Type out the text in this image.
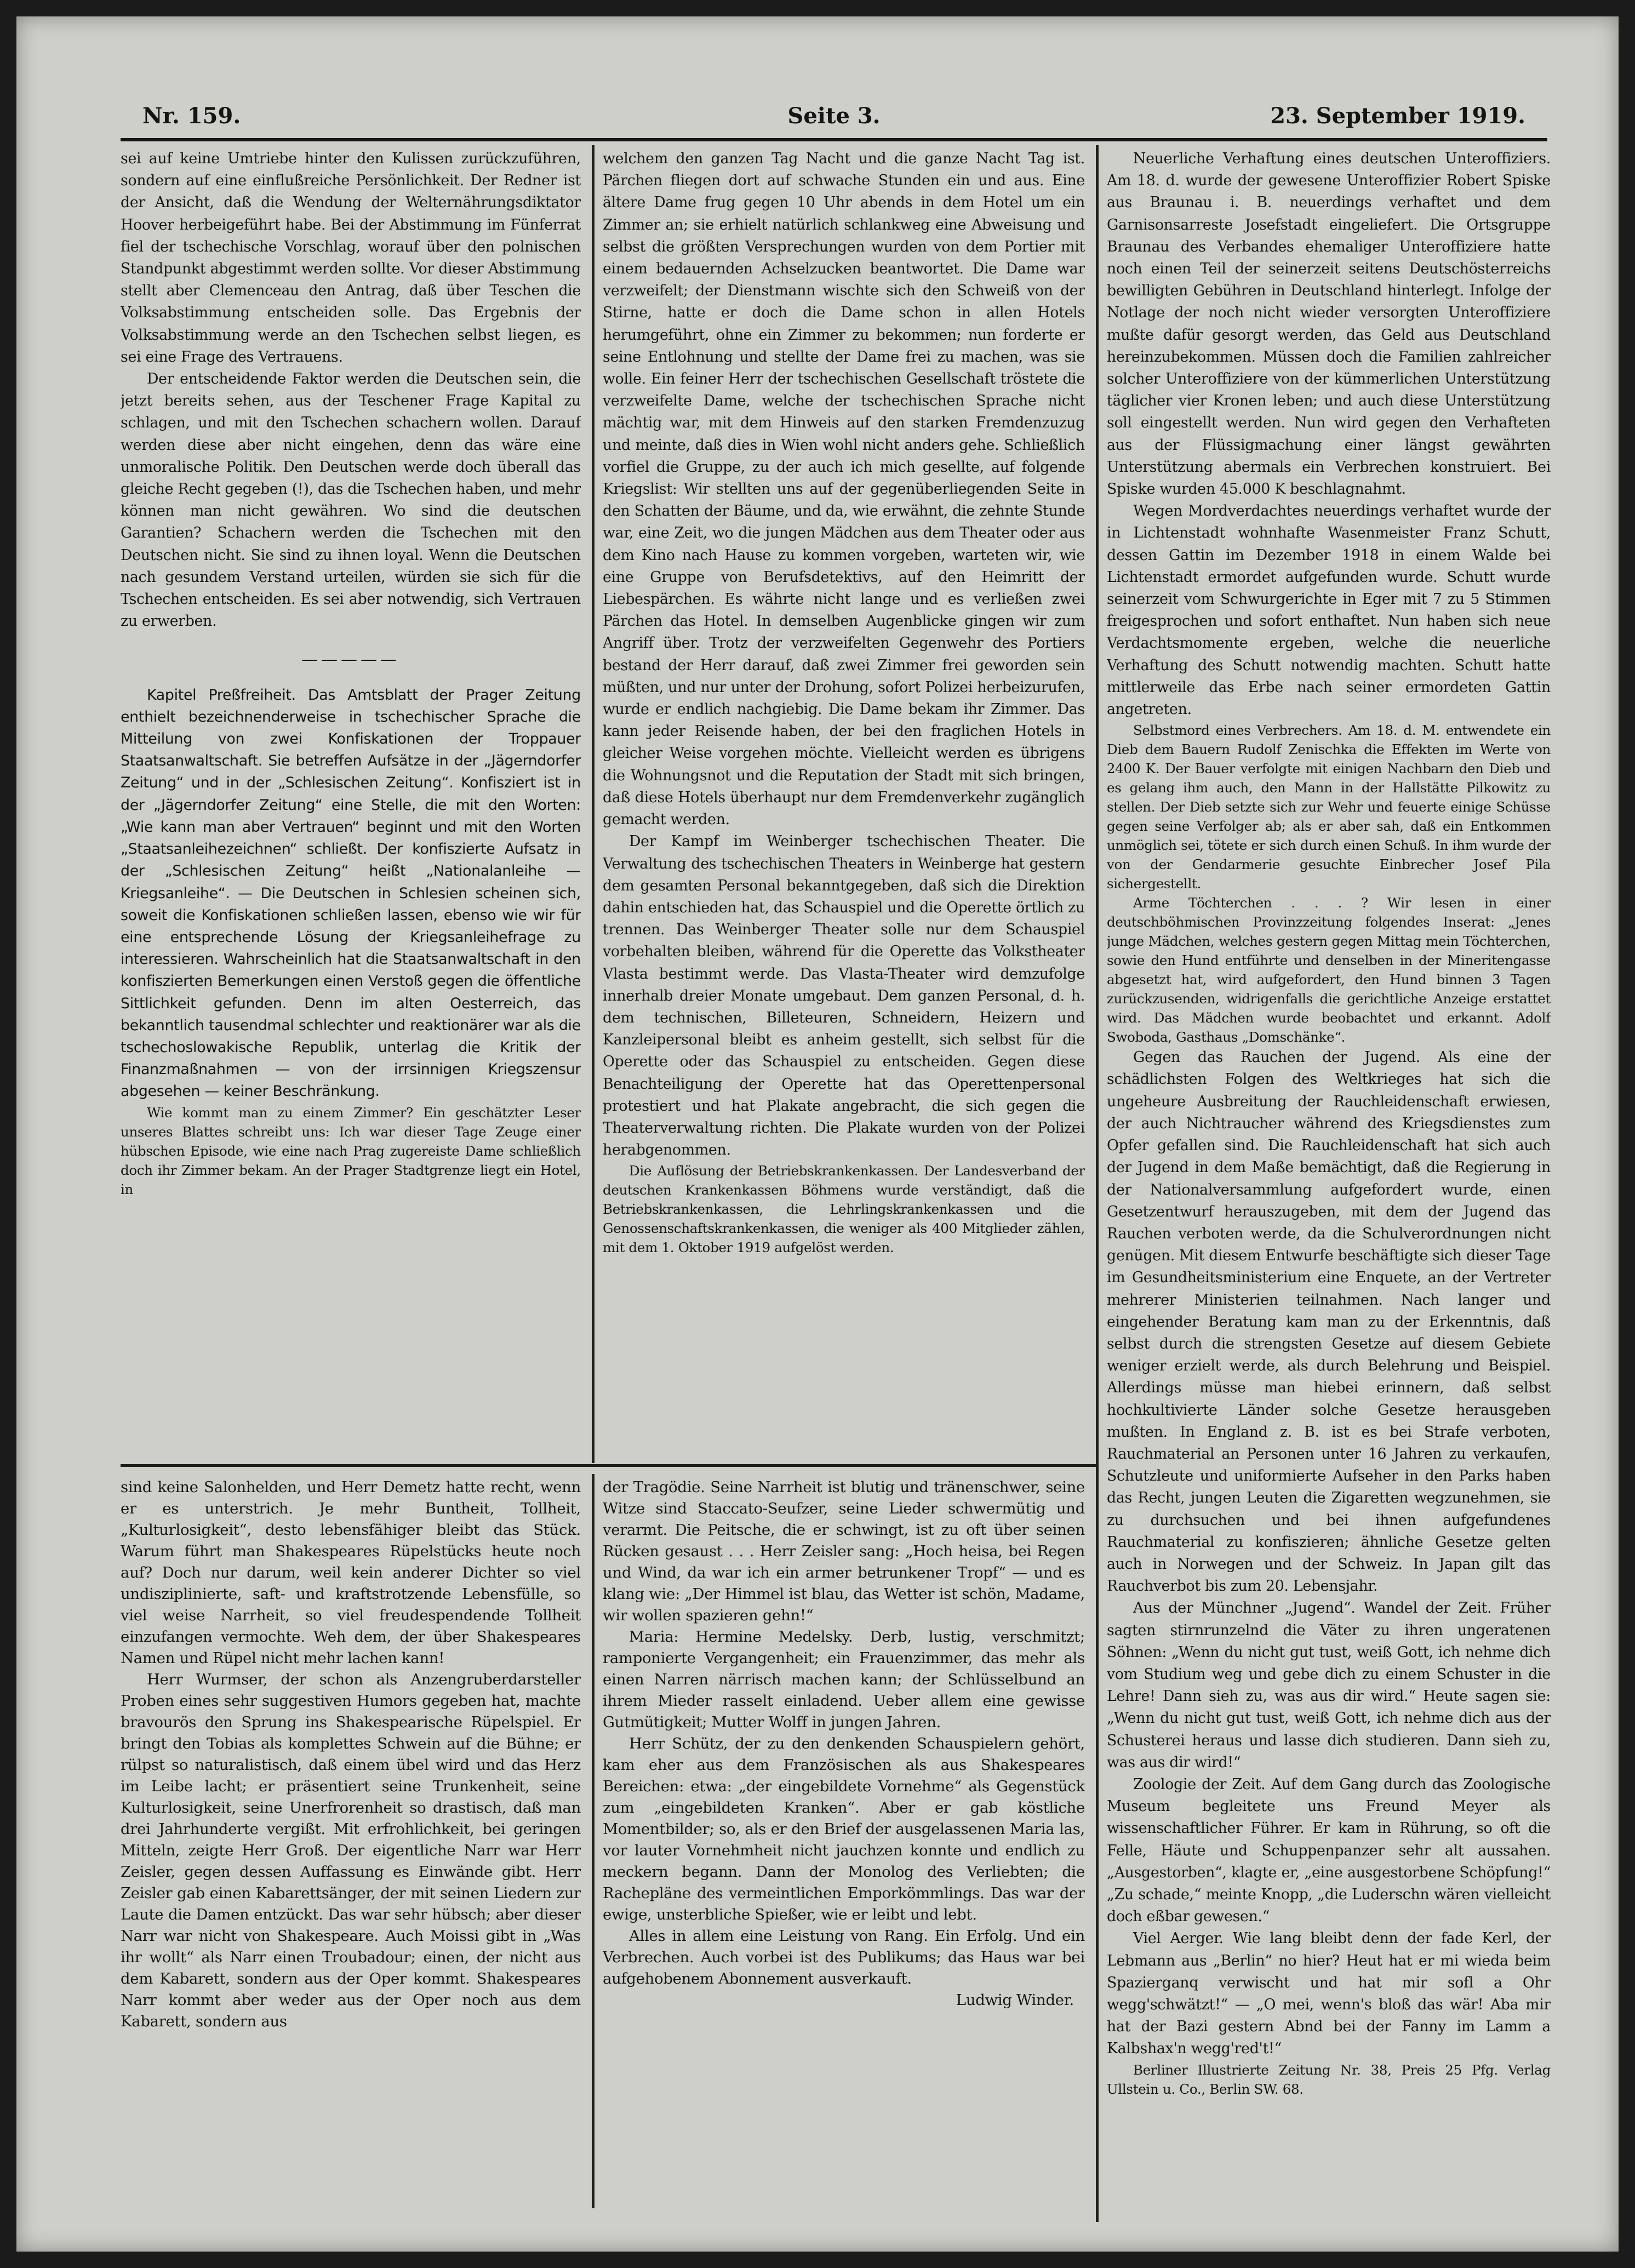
Nr. 159.	Seite 3.	23. September 1919.

sei auf keine Umtriebe hinter den Kulissen zurückzuführen, sondern auf eine einflußreiche Persönlichkeit. Der Redner ist der Ansicht, daß die Wendung der Welternährungsdiktator Hoover herbeigeführt habe. Bei der Abstimmung im Fünferrat fiel der tschechische Vorschlag, worauf über den polnischen Standpunkt abgestimmt werden sollte. Vor dieser Abstimmung stellt aber Clemenceau den Antrag, daß über Teschen die Volksabstimmung entscheiden solle. Das Ergebnis der Volksabstimmung werde an den Tschechen selbst liegen, es sei eine Frage des Vertrauens.

Der entscheidende Faktor werden die Deutschen sein, die jetzt bereits sehen, aus der Teschener Frage Kapital zu schlagen, und mit den Tschechen schachern wollen. Darauf werden diese aber nicht eingehen, denn das wäre eine unmoralische Politik. Den Deutschen werde doch überall das gleiche Recht gegeben (!), das die Tschechen haben, und mehr können man nicht gewähren. Wo sind die deutschen Garantien? Schachern werden die Tschechen mit den Deutschen nicht. Sie sind zu ihnen loyal. Wenn die Deutschen nach gesundem Verstand urteilen, würden sie sich für die Tschechen entscheiden. Es sei aber notwendig, sich Vertrauen zu erwerben.

—————

Kapitel Preßfreiheit. Das Amtsblatt der Prager Zeitung enthielt bezeichnenderweise in tschechischer Sprache die Mitteilung von zwei Konfiskationen der Troppauer Staatsanwaltschaft. Sie betreffen Aufsätze in der „Jägerndorfer Zeitung“ und in der „Schlesischen Zeitung“. Konfisziert ist in der „Jägerndorfer Zeitung“ eine Stelle, die mit den Worten: „Wie kann man aber Vertrauen“ beginnt und mit den Worten „Staatsanleihezeichnen“ schließt. Der konfiszierte Aufsatz in der „Schlesischen Zeitung“ heißt „Nationalanleihe — Kriegsanleihe“. — Die Deutschen in Schlesien scheinen sich, soweit die Konfiskationen schließen lassen, ebenso wie wir für eine entsprechende Lösung der Kriegsanleihefrage zu interessieren. Wahrscheinlich hat die Staatsanwaltschaft in den konfiszierten Bemerkungen einen Verstoß gegen die öffentliche Sittlichkeit gefunden. Denn im alten Oesterreich, das bekanntlich tausendmal schlechter und reaktionärer war als die tschechoslowakische Republik, unterlag die Kritik der Finanzmaßnahmen — von der irrsinnigen Kriegszensur abgesehen — keiner Beschränkung.

Wie kommt man zu einem Zimmer? Ein geschätzter Leser unseres Blattes schreibt uns: Ich war dieser Tage Zeuge einer hübschen Episode, wie eine nach Prag zugereiste Dame schließlich doch ihr Zimmer bekam. An der Prager Stadtgrenze liegt ein Hotel, in

welchem den ganzen Tag Nacht und die ganze Nacht Tag ist. Pärchen fliegen dort auf schwache Stunden ein und aus. Eine ältere Dame frug gegen 10 Uhr abends in dem Hotel um ein Zimmer an; sie erhielt natürlich schlankweg eine Abweisung und selbst die größten Versprechungen wurden von dem Portier mit einem bedauernden Achselzucken beantwortet. Die Dame war verzweifelt; der Dienstmann wischte sich den Schweiß von der Stirne, hatte er doch die Dame schon in allen Hotels herumgeführt, ohne ein Zimmer zu bekommen; nun forderte er seine Entlohnung und stellte der Dame frei zu machen, was sie wolle. Ein feiner Herr der tschechischen Gesellschaft tröstete die verzweifelte Dame, welche der tschechischen Sprache nicht mächtig war, mit dem Hinweis auf den starken Fremdenzuzug und meinte, daß dies in Wien wohl nicht anders gehe. Schließlich vorfiel die Gruppe, zu der auch ich mich gesellte, auf folgende Kriegslist: Wir stellten uns auf der gegenüberliegenden Seite in den Schatten der Bäume, und da, wie erwähnt, die zehnte Stunde war, eine Zeit, wo die jungen Mädchen aus dem Theater oder aus dem Kino nach Hause zu kommen vorgeben, warteten wir, wie eine Gruppe von Berufsdetektivs, auf den Heimritt der Liebespärchen. Es währte nicht lange und es verließen zwei Pärchen das Hotel. In demselben Augenblicke gingen wir zum Angriff über. Trotz der verzweifelten Gegenwehr des Portiers bestand der Herr darauf, daß zwei Zimmer frei geworden sein müßten, und nur unter der Drohung, sofort Polizei herbeizurufen, wurde er endlich nachgiebig. Die Dame bekam ihr Zimmer. Das kann jeder Reisende haben, der bei den fraglichen Hotels in gleicher Weise vorgehen möchte. Vielleicht werden es übrigens die Wohnungsnot und die Reputation der Stadt mit sich bringen, daß diese Hotels überhaupt nur dem Fremdenverkehr zugänglich gemacht werden.

Der Kampf im Weinberger tschechischen Theater. Die Verwaltung des tschechischen Theaters in Weinberge hat gestern dem gesamten Personal bekanntgegeben, daß sich die Direktion dahin entschieden hat, das Schauspiel und die Operette örtlich zu trennen. Das Weinberger Theater solle nur dem Schauspiel vorbehalten bleiben, während für die Operette das Volkstheater Vlasta bestimmt werde. Das Vlasta-Theater wird demzufolge innerhalb dreier Monate umgebaut. Dem ganzen Personal, d. h. dem technischen, Billeteuren, Schneidern, Heizern und Kanzleipersonal bleibt es anheim gestellt, sich selbst für die Operette oder das Schauspiel zu entscheiden. Gegen diese Benachteiligung der Operette hat das Operettenpersonal protestiert und hat Plakate angebracht, die sich gegen die Theaterverwaltung richten. Die Plakate wurden von der Polizei herabgenommen.

Die Auflösung der Betriebskrankenkassen. Der Landesverband der deutschen Krankenkassen Böhmens wurde verständigt, daß die Betriebskrankenkassen, die Lehrlingskrankenkassen und die Genossenschaftskrankenkassen, die weniger als 400 Mitglieder zählen, mit dem 1. Oktober 1919 aufgelöst werden.

Neuerliche Verhaftung eines deutschen Unteroffiziers. Am 18. d. wurde der gewesene Unteroffizier Robert Spiske aus Braunau i. B. neuerdings verhaftet und dem Garnisonsarreste Josefstadt eingeliefert. Die Ortsgruppe Braunau des Verbandes ehemaliger Unteroffiziere hatte noch einen Teil der seinerzeit seitens Deutschösterreichs bewilligten Gebühren in Deutschland hinterlegt. Infolge der Notlage der noch nicht wieder versorgten Unteroffiziere mußte dafür gesorgt werden, das Geld aus Deutschland hereinzubekommen. Müssen doch die Familien zahlreicher solcher Unteroffiziere von der kümmerlichen Unterstützung täglicher vier Kronen leben; und auch diese Unterstützung soll eingestellt werden. Nun wird gegen den Verhafteten aus der Flüssigmachung einer längst gewährten Unterstützung abermals ein Verbrechen konstruiert. Bei Spiske wurden 45.000 K beschlagnahmt.

Wegen Mordverdachtes neuerdings verhaftet wurde der in Lichtenstadt wohnhafte Wasenmeister Franz Schutt, dessen Gattin im Dezember 1918 in einem Walde bei Lichtenstadt ermordet aufgefunden wurde. Schutt wurde seinerzeit vom Schwurgerichte in Eger mit 7 zu 5 Stimmen freigesprochen und sofort enthaftet. Nun haben sich neue Verdachtsmomente ergeben, welche die neuerliche Verhaftung des Schutt notwendig machten. Schutt hatte mittlerweile das Erbe nach seiner ermordeten Gattin angetreten.

Selbstmord eines Verbrechers. Am 18. d. M. entwendete ein Dieb dem Bauern Rudolf Zenischka die Effekten im Werte von 2400 K. Der Bauer verfolgte mit einigen Nachbarn den Dieb und es gelang ihm auch, den Mann in der Hallstätte Pilkowitz zu stellen. Der Dieb setzte sich zur Wehr und feuerte einige Schüsse gegen seine Verfolger ab; als er aber sah, daß ein Entkommen unmöglich sei, tötete er sich durch einen Schuß. In ihm wurde der von der Gendarmerie gesuchte Einbrecher Josef Pila sichergestellt.

Arme Töchterchen . . . ? Wir lesen in einer deutschböhmischen Provinzzeitung folgendes Inserat: „Jenes junge Mädchen, welches gestern gegen Mittag mein Töchterchen, sowie den Hund entführte und denselben in der Mineritengasse abgesetzt hat, wird aufgefordert, den Hund binnen 3 Tagen zurückzusenden, widrigenfalls die gerichtliche Anzeige erstattet wird. Das Mädchen wurde beobachtet und erkannt. Adolf Swoboda, Gasthaus „Domschänke“.

Gegen das Rauchen der Jugend. Als eine der schädlichsten Folgen des Weltkrieges hat sich die ungeheure Ausbreitung der Rauchleidenschaft erwiesen, der auch Nichtraucher während des Kriegsdienstes zum Opfer gefallen sind. Die Rauchleidenschaft hat sich auch der Jugend in dem Maße bemächtigt, daß die Regierung in der Nationalversammlung aufgefordert wurde, einen Gesetzentwurf herauszugeben, mit dem der Jugend das Rauchen verboten werde, da die Schulverordnungen nicht genügen. Mit diesem Entwurfe beschäftigte sich dieser Tage im Gesundheitsministerium eine Enquete, an der Vertreter mehrerer Ministerien teilnahmen. Nach langer und eingehender Beratung kam man zu der Erkenntnis, daß selbst durch die strengsten Gesetze auf diesem Gebiete weniger erzielt werde, als durch Belehrung und Beispiel. Allerdings müsse man hiebei erinnern, daß selbst hochkultivierte Länder solche Gesetze herausgeben mußten. In England z. B. ist es bei Strafe verboten, Rauchmaterial an Personen unter 16 Jahren zu verkaufen, Schutzleute und uniformierte Aufseher in den Parks haben das Recht, jungen Leuten die Zigaretten wegzunehmen, sie zu durchsuchen und bei ihnen aufgefundenes Rauchmaterial zu konfiszieren; ähnliche Gesetze gelten auch in Norwegen und der Schweiz. In Japan gilt das Rauchverbot bis zum 20. Lebensjahr.

Aus der Münchner „Jugend“. Wandel der Zeit. Früher sagten stirnrunzelnd die Väter zu ihren ungeratenen Söhnen: „Wenn du nicht gut tust, weiß Gott, ich nehme dich vom Studium weg und gebe dich zu einem Schuster in die Lehre! Dann sieh zu, was aus dir wird.“ Heute sagen sie: „Wenn du nicht gut tust, weiß Gott, ich nehme dich aus der Schusterei heraus und lasse dich studieren. Dann sieh zu, was aus dir wird!“

Zoologie der Zeit. Auf dem Gang durch das Zoologische Museum begleitete uns Freund Meyer als wissenschaftlicher Führer. Er kam in Rührung, so oft die Felle, Häute und Schuppenpanzer sehr alt aussahen. „Ausgestorben“, klagte er, „eine ausgestorbene Schöpfung!“ „Zu schade,“ meinte Knopp, „die Luderschn wären vielleicht doch eßbar gewesen.“

Viel Aerger. Wie lang bleibt denn der fade Kerl, der Lebmann aus „Berlin“ no hier? Heut hat er mi wieda beim Spazierganq verwischt und hat mir sofl a Ohr wegg'schwätzt!“ — „O mei, wenn's bloß das wär! Aba mir hat der Bazi gestern Abnd bei der Fanny im Lamm a Kalbshax'n wegg'red't!“

Berliner Illustrierte Zeitung Nr. 38, Preis 25 Pfg. Verlag Ullstein u. Co., Berlin SW. 68.

sind keine Salonhelden, und Herr Demetz hatte recht, wenn er es unterstrich. Je mehr Buntheit, Tollheit, „Kulturlosigkeit“, desto lebensfähiger bleibt das Stück. Warum führt man Shakespeares Rüpelstücks heute noch auf? Doch nur darum, weil kein anderer Dichter so viel undisziplinierte, saft- und kraftstrotzende Lebensfülle, so viel weise Narrheit, so viel freudespendende Tollheit einzufangen vermochte. Weh dem, der über Shakespeares Namen und Rüpel nicht mehr lachen kann!

Herr Wurmser, der schon als Anzengruberdarsteller Proben eines sehr suggestiven Humors gegeben hat, machte bravourös den Sprung ins Shakespearische Rüpelspiel. Er bringt den Tobias als komplettes Schwein auf die Bühne; er rülpst so naturalistisch, daß einem übel wird und das Herz im Leibe lacht; er präsentiert seine Trunkenheit, seine Kulturlosigkeit, seine Unerfrorenheit so drastisch, daß man drei Jahrhunderte vergißt. Mit erfrohlichkeit, bei geringen Mitteln, zeigte Herr Groß. Der eigentliche Narr war Herr Zeisler, gegen dessen Auffassung es Einwände gibt. Herr Zeisler gab einen Kabarettsänger, der mit seinen Liedern zur Laute die Damen entzückt. Das war sehr hübsch; aber dieser Narr war nicht von Shakespeare. Auch Moissi gibt in „Was ihr wollt“ als Narr einen Troubadour; einen, der nicht aus dem Kabarett, sondern aus der Oper kommt. Shakespeares Narr kommt aber weder aus der Oper noch aus dem Kabarett, sondern aus

der Tragödie. Seine Narrheit ist blutig und tränenschwer, seine Witze sind Staccato-Seufzer, seine Lieder schwermütig und verarmt. Die Peitsche, die er schwingt, ist zu oft über seinen Rücken gesaust . . . Herr Zeisler sang: „Hoch heisa, bei Regen und Wind, da war ich ein armer betrunkener Tropf“ — und es klang wie: „Der Himmel ist blau, das Wetter ist schön, Madame, wir wollen spazieren gehn!“

Maria: Hermine Medelsky. Derb, lustig, verschmitzt; ramponierte Vergangenheit; ein Frauenzimmer, das mehr als einen Narren närrisch machen kann; der Schlüsselbund an ihrem Mieder rasselt einladend. Ueber allem eine gewisse Gutmütigkeit; Mutter Wolff in jungen Jahren.

Herr Schütz, der zu den denkenden Schauspielern gehört, kam eher aus dem Französischen als aus Shakespeares Bereichen: etwa: „der eingebildete Vornehme“ als Gegenstück zum „eingebildeten Kranken“. Aber er gab köstliche Momentbilder; so, als er den Brief der ausgelassenen Maria las, vor lauter Vornehmheit nicht jauchzen konnte und endlich zu meckern begann. Dann der Monolog des Verliebten; die Rachepläne des vermeintlichen Emporkömmlings. Das war der ewige, unsterbliche Spießer, wie er leibt und lebt.

Alles in allem eine Leistung von Rang. Ein Erfolg. Und ein Verbrechen. Auch vorbei ist des Publikums; das Haus war bei aufgehobenem Abonnement ausverkauft.

Ludwig Winder.
